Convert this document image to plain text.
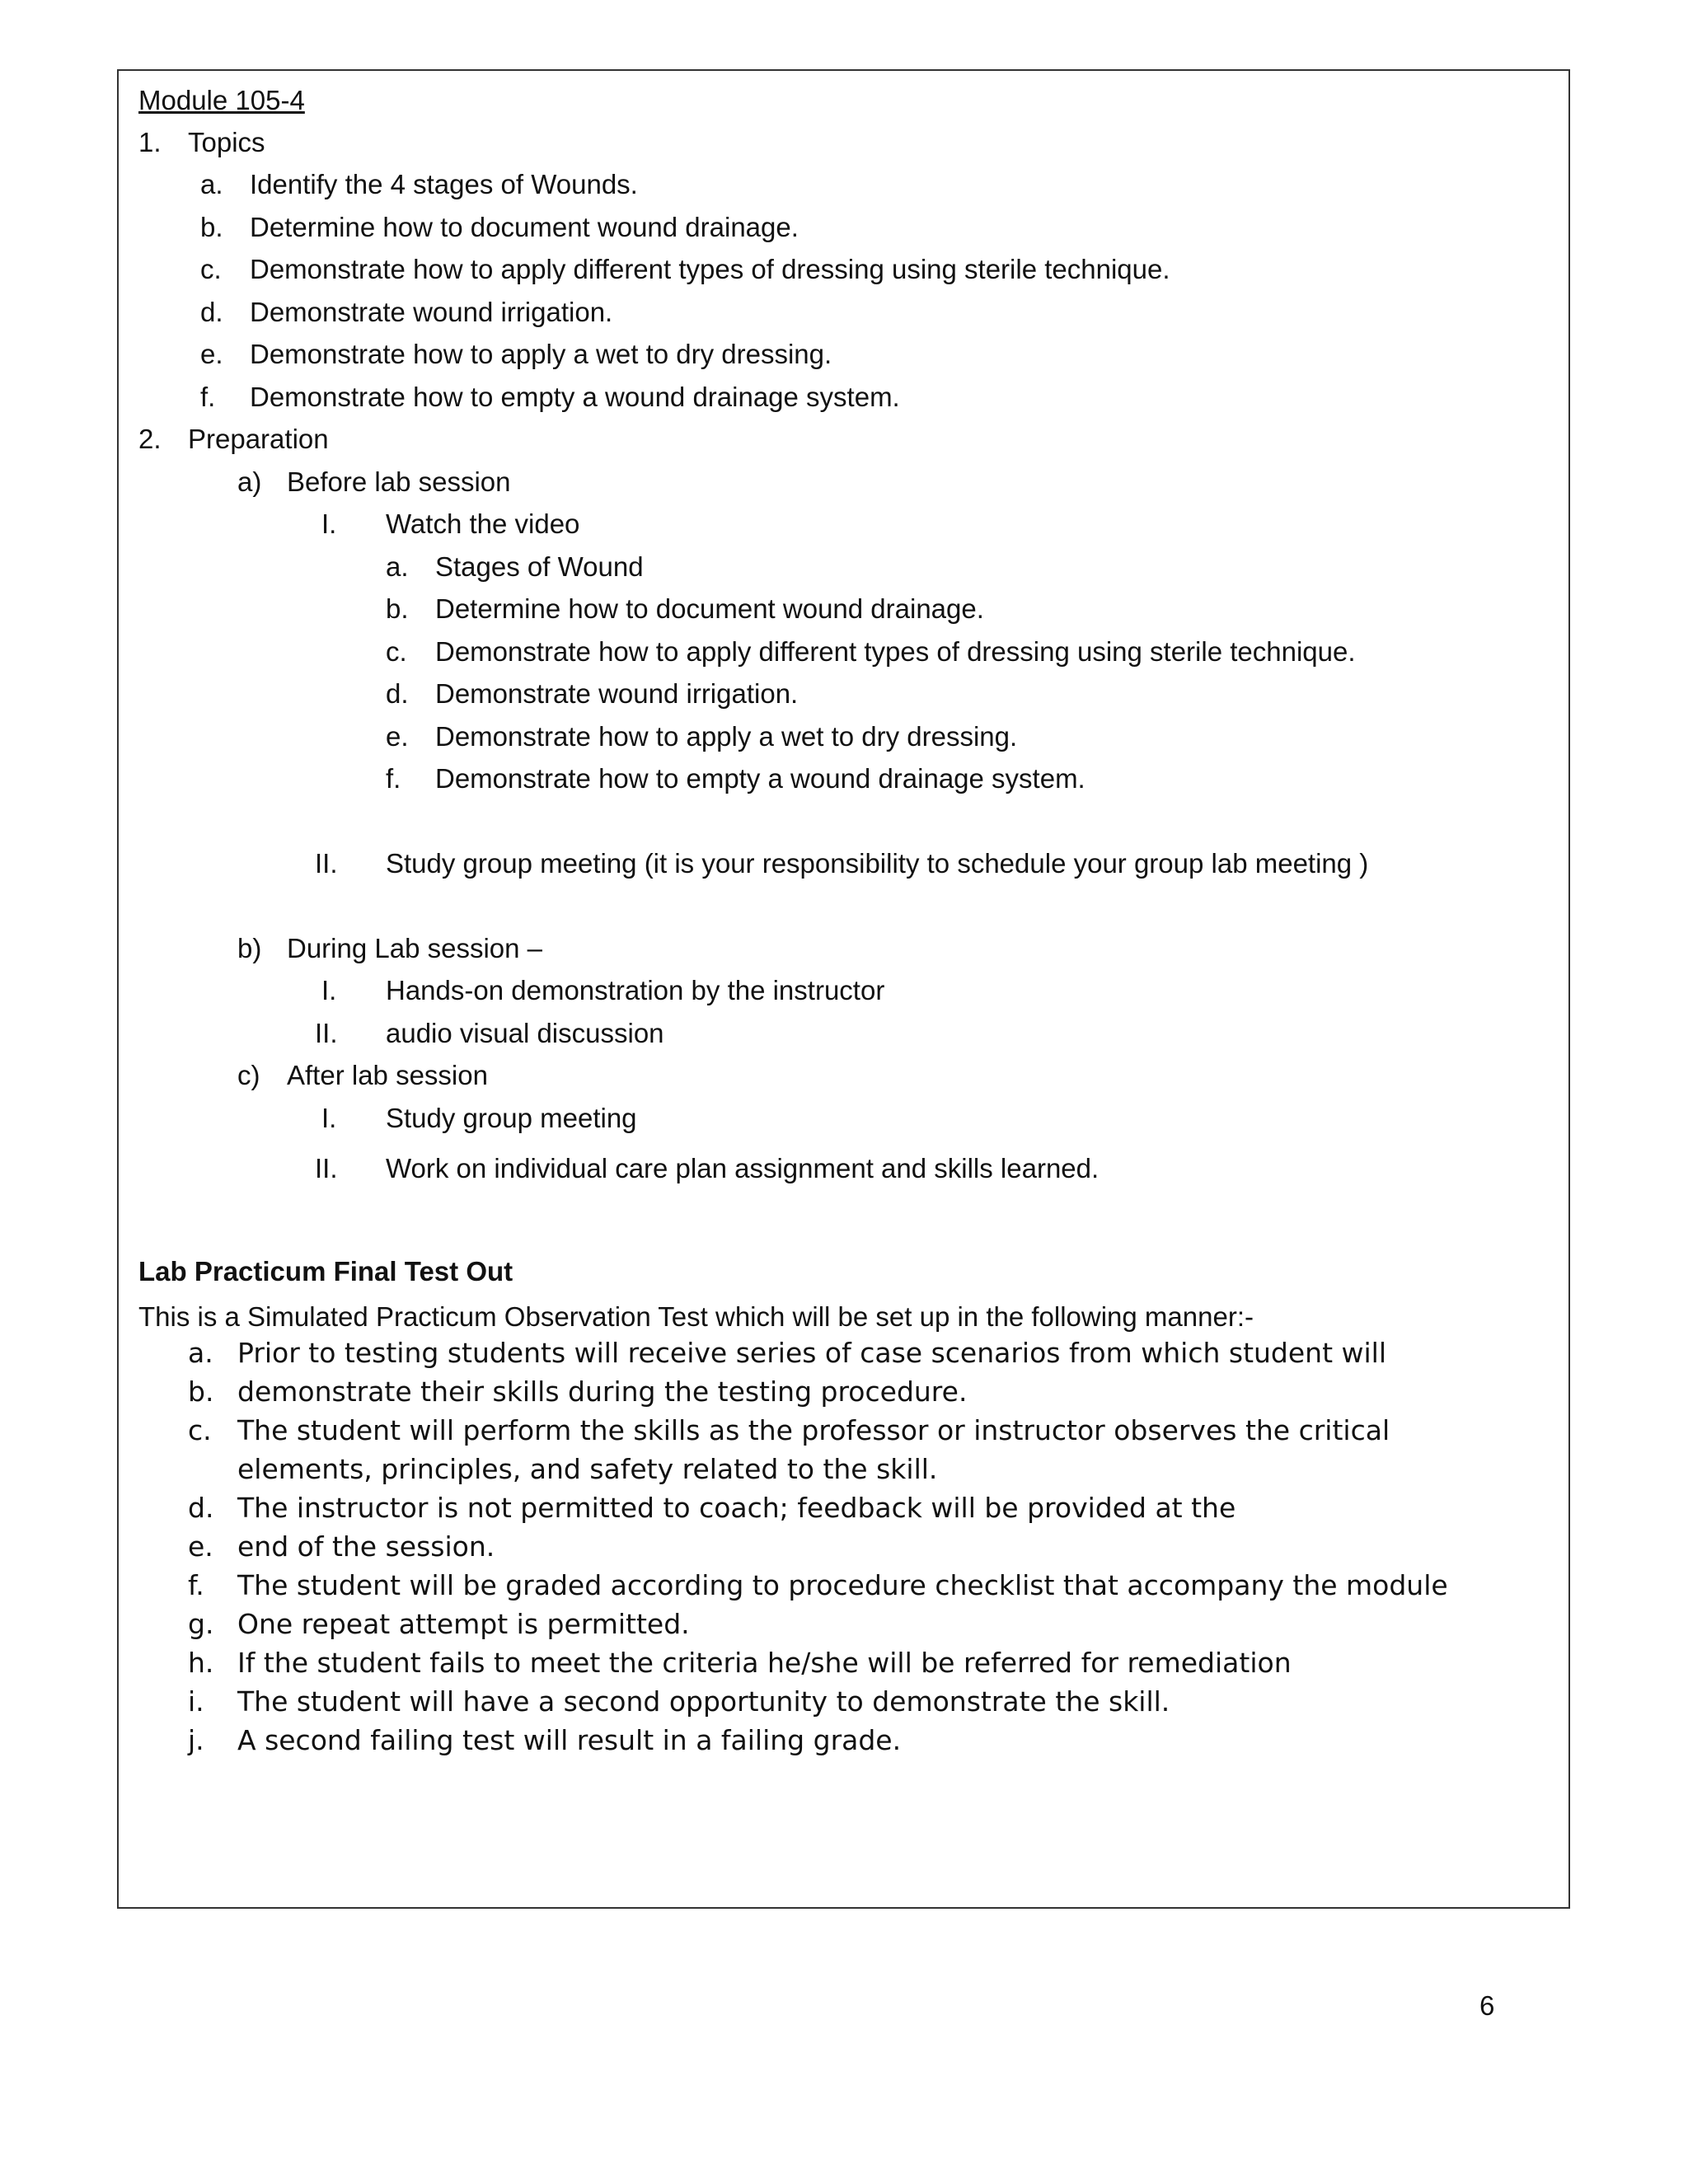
Module 105-4
1. Topics
a. Identify the 4 stages of Wounds.
b. Determine how to document wound drainage.
c. Demonstrate how to apply different types of dressing using sterile technique.
d. Demonstrate wound irrigation.
e. Demonstrate how to apply a wet to dry dressing.
f. Demonstrate how to empty a wound drainage system.
2. Preparation
a) Before lab session
I. Watch the video
a. Stages of Wound
b. Determine how to document wound drainage.
c. Demonstrate how to apply different types of dressing using sterile technique.
d. Demonstrate wound irrigation.
e. Demonstrate how to apply a wet to dry dressing.
f. Demonstrate how to empty a wound drainage system.
II. Study group meeting (it is your responsibility to schedule your group lab meeting )
b) During Lab session –
I. Hands-on demonstration by the instructor
II. audio visual discussion
c) After lab session
I. Study group meeting
II. Work on individual care plan assignment and skills learned.
Lab Practicum Final Test Out
This is a Simulated Practicum Observation Test which will be set up in the following manner:-
a. Prior to testing students will receive series of case scenarios from which student will
b. demonstrate their skills during the testing procedure.
c. The student will perform the skills as the professor or instructor observes the critical
elements, principles, and safety related to the skill.
d. The instructor is not permitted to coach; feedback will be provided at the
e. end of the session.
f. The student will be graded according to procedure checklist that accompany the module
g. One repeat attempt is permitted.
h. If the student fails to meet the criteria he/she will be referred for remediation
i. The student will have a second opportunity to demonstrate the skill.
j. A second failing test will result in a failing grade.
6
